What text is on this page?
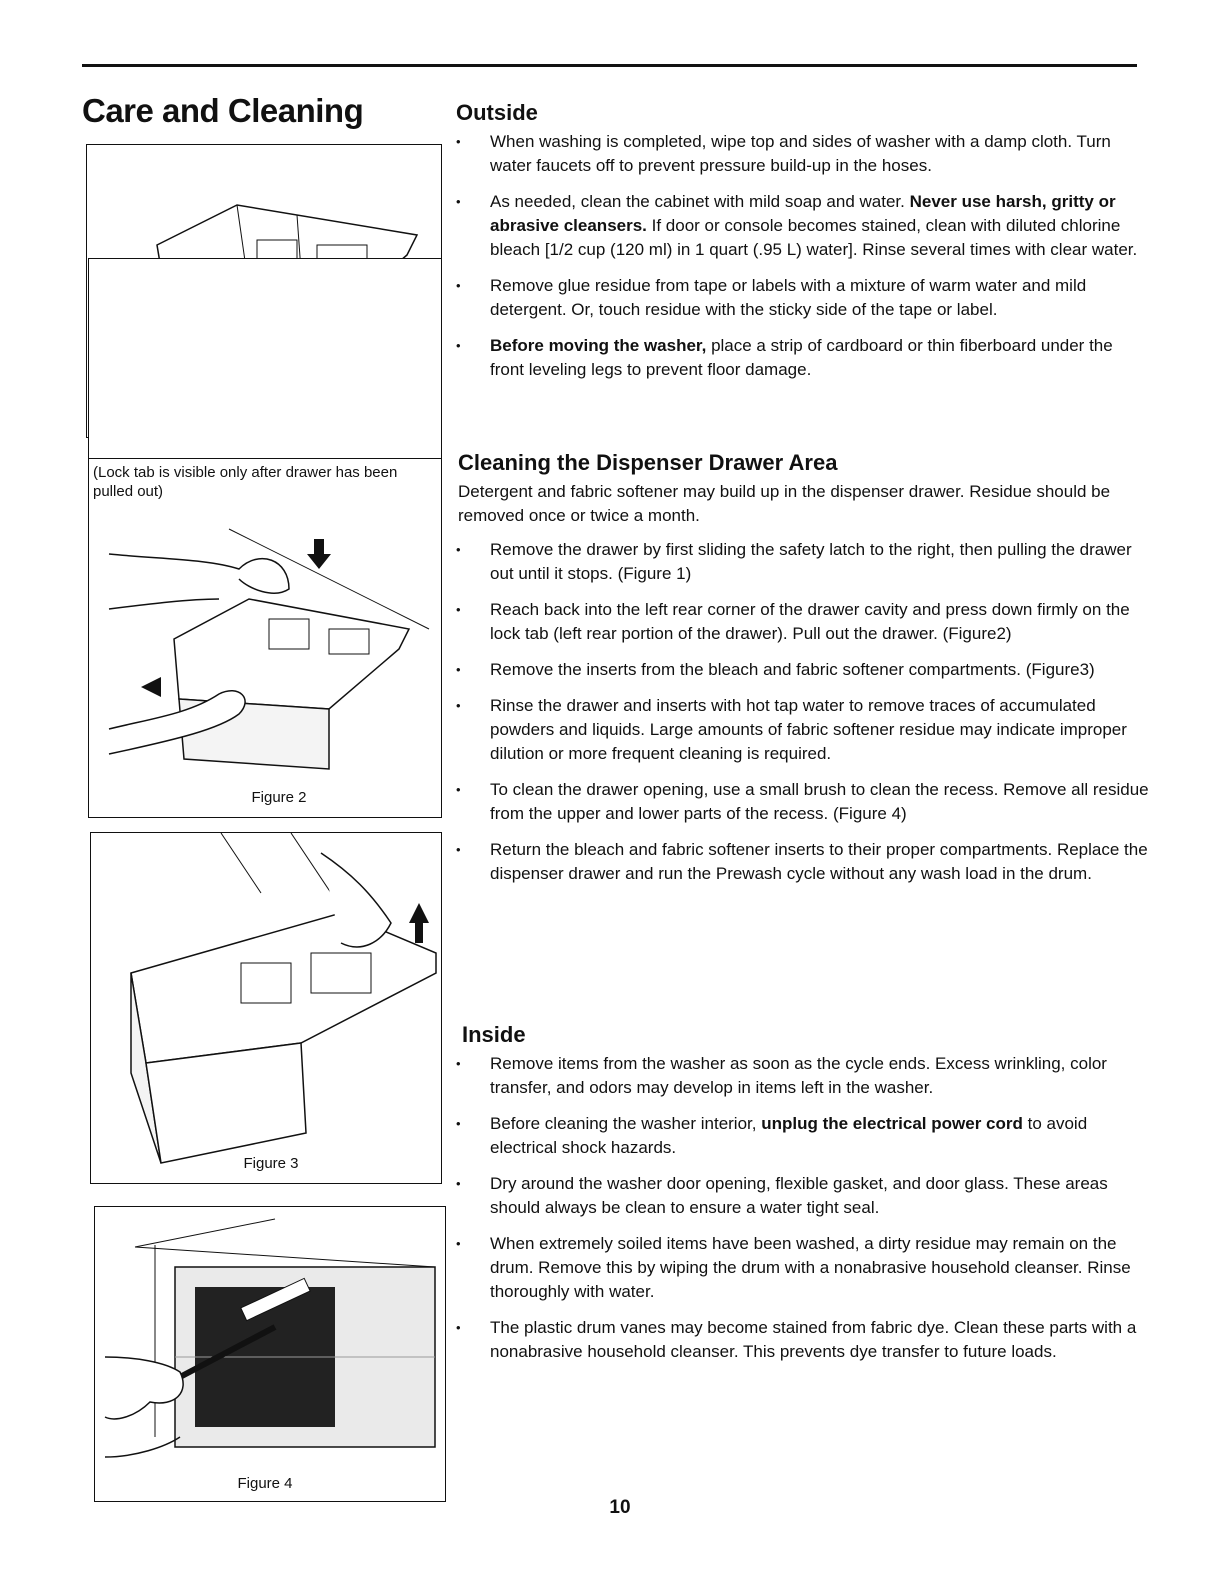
Care and Cleaning
(Lock tab is visible only after drawer has been pulled out)
Figure 2
Figure 3
Figure 4
Outside
• When washing is completed, wipe top and sides of washer with a damp cloth. Turn water faucets off to prevent pressure build-up in the hoses.
• As needed, clean the cabinet with mild soap and water. Never use harsh, gritty or abrasive cleansers. If door or console becomes stained, clean with diluted chlorine bleach [1/2 cup (120 ml) in 1 quart (.95 L) water]. Rinse several times with clear water.
• Remove glue residue from tape or labels with a mixture of warm water and mild detergent. Or, touch residue with the sticky side of the tape or label.
• Before moving the washer, place a strip of cardboard or thin fiberboard under the front leveling legs to prevent floor damage.
Cleaning the Dispenser Drawer Area

Detergent and fabric softener may build up in the dispenser drawer. Residue should be removed once or twice a month.

• Remove the drawer by first sliding the safety latch to the right, then pulling the drawer out until it stops. (Figure 1)
• Reach back into the left rear corner of the drawer cavity and press down firmly on the lock tab (left rear portion of the drawer). Pull out the drawer. (Figure2)
• Remove the inserts from the bleach and fabric softener compartments. (Figure3)
• Rinse the drawer and inserts with hot tap water to remove traces of accumulated powders and liquids. Large amounts of fabric softener residue may indicate improper dilution or more frequent cleaning is required.
• To clean the drawer opening, use a small brush to clean the recess. Remove all residue from the upper and lower parts of the recess. (Figure 4)
• Return the bleach and fabric softener inserts to their proper compartments. Replace the dispenser drawer and run the Prewash cycle without any wash load in the drum.
Inside
• Remove items from the washer as soon as the cycle ends. Excess wrinkling, color transfer, and odors may develop in items left in the washer.
• Before cleaning the washer interior, unplug the electrical power cord to avoid electrical shock hazards.
• Dry around the washer door opening, flexible gasket, and door glass. These areas should always be clean to ensure a water tight seal.
• When extremely soiled items have been washed, a dirty residue may remain on the drum. Remove this by wiping the drum with a nonabrasive household cleanser. Rinse thoroughly with water.
• The plastic drum vanes may become stained from fabric dye. Clean these parts with a nonabrasive household cleanser. This prevents dye transfer to future loads.
10
